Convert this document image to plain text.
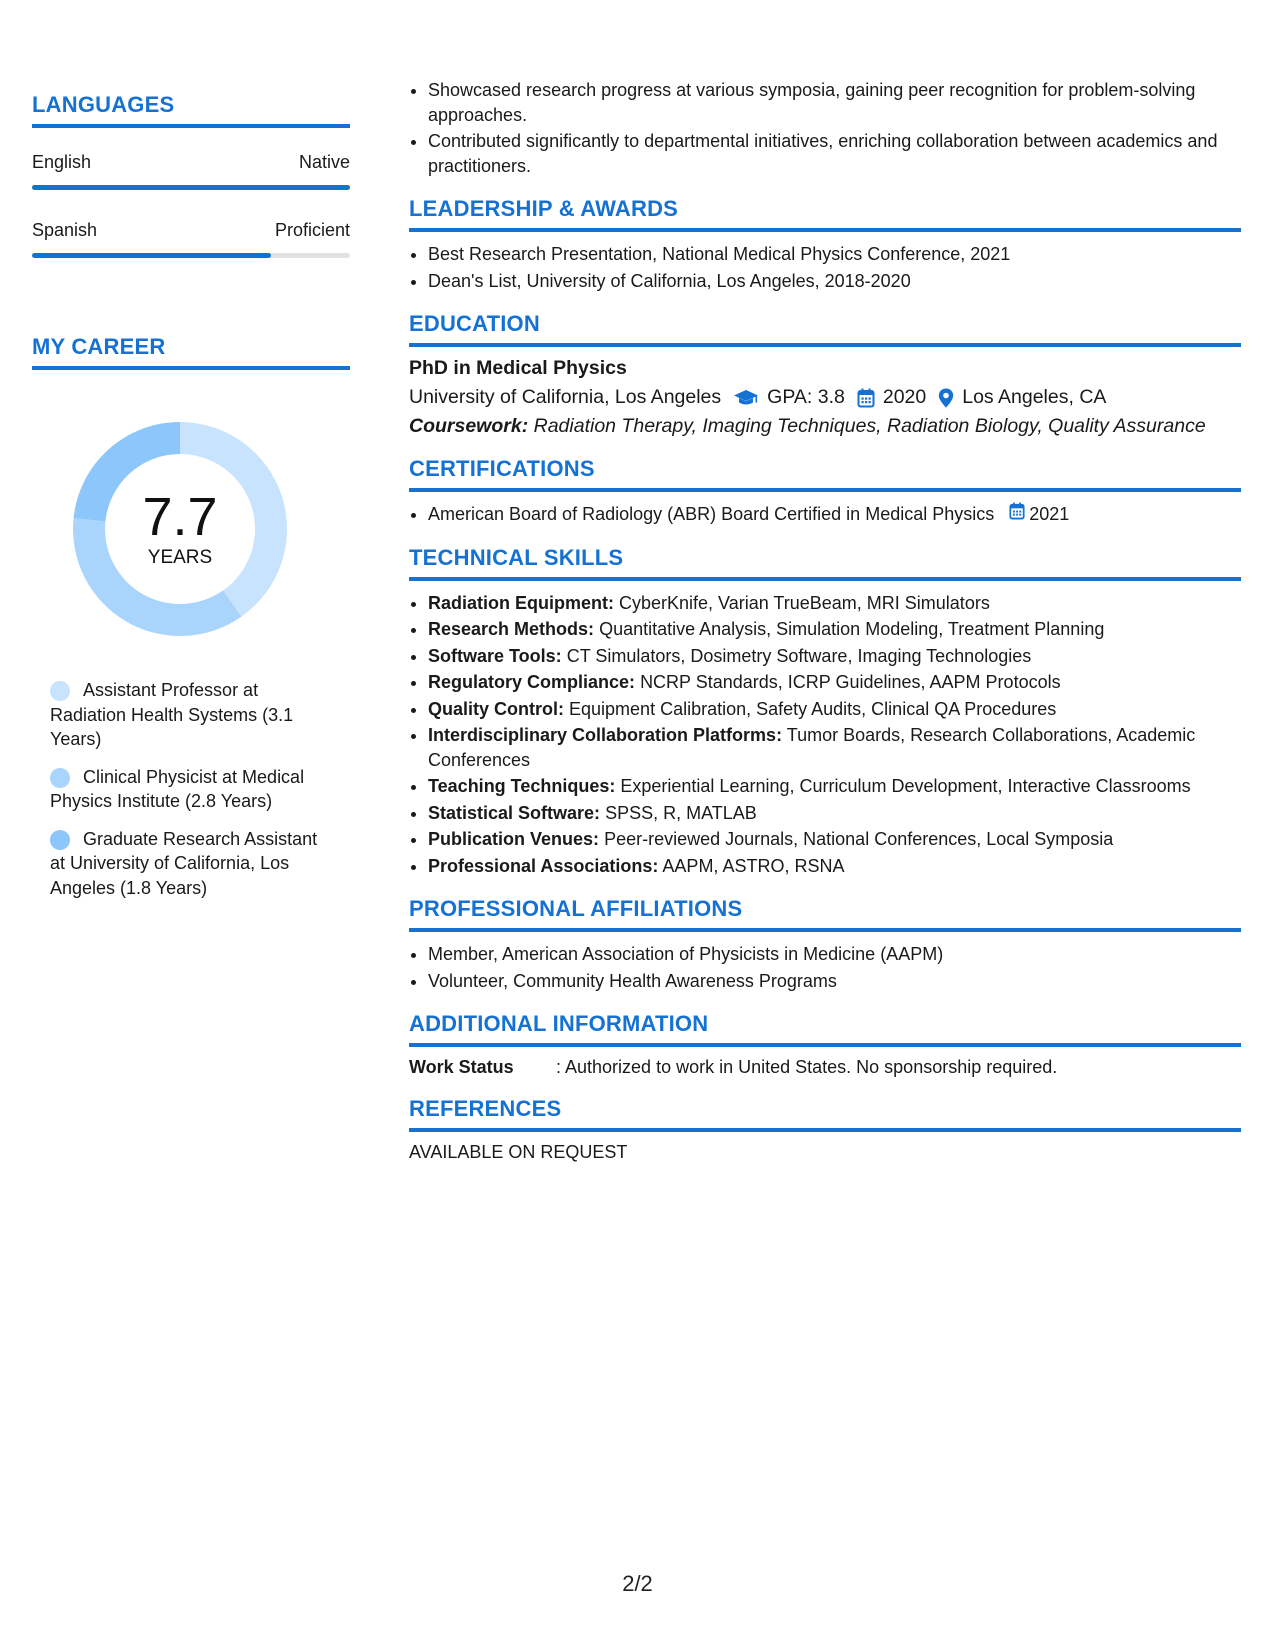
LANGUAGES
English	Native
Spanish	Proficient
MY CAREER
7.7
YEARS
Assistant Professor at Radiation Health Systems (3.1 Years)
Clinical Physicist at Medical Physics Institute (2.8 Years)
Graduate Research Assistant at University of California, Los Angeles (1.8 Years)
• Showcased research progress at various symposia, gaining peer recognition for problem-solving approaches.
• Contributed significantly to departmental initiatives, enriching collaboration between academics and practitioners.
LEADERSHIP & AWARDS
• Best Research Presentation, National Medical Physics Conference, 2021
• Dean's List, University of California, Los Angeles, 2018-2020
EDUCATION
PhD in Medical Physics
University of California, Los Angeles GPA: 3.8 2020 Los Angeles, CA
Coursework: Radiation Therapy, Imaging Techniques, Radiation Biology, Quality Assurance
CERTIFICATIONS
• American Board of Radiology (ABR) Board Certified in Medical Physics 2021
TECHNICAL SKILLS
• Radiation Equipment: CyberKnife, Varian TrueBeam, MRI Simulators
• Research Methods: Quantitative Analysis, Simulation Modeling, Treatment Planning
• Software Tools: CT Simulators, Dosimetry Software, Imaging Technologies
• Regulatory Compliance: NCRP Standards, ICRP Guidelines, AAPM Protocols
• Quality Control: Equipment Calibration, Safety Audits, Clinical QA Procedures
• Interdisciplinary Collaboration Platforms: Tumor Boards, Research Collaborations, Academic Conferences
• Teaching Techniques: Experiential Learning, Curriculum Development, Interactive Classrooms
• Statistical Software: SPSS, R, MATLAB
• Publication Venues: Peer-reviewed Journals, National Conferences, Local Symposia
• Professional Associations: AAPM, ASTRO, RSNA
PROFESSIONAL AFFILIATIONS
• Member, American Association of Physicists in Medicine (AAPM)
• Volunteer, Community Health Awareness Programs
ADDITIONAL INFORMATION
Work Status	: Authorized to work in United States. No sponsorship required.
REFERENCES
AVAILABLE ON REQUEST
2/2
